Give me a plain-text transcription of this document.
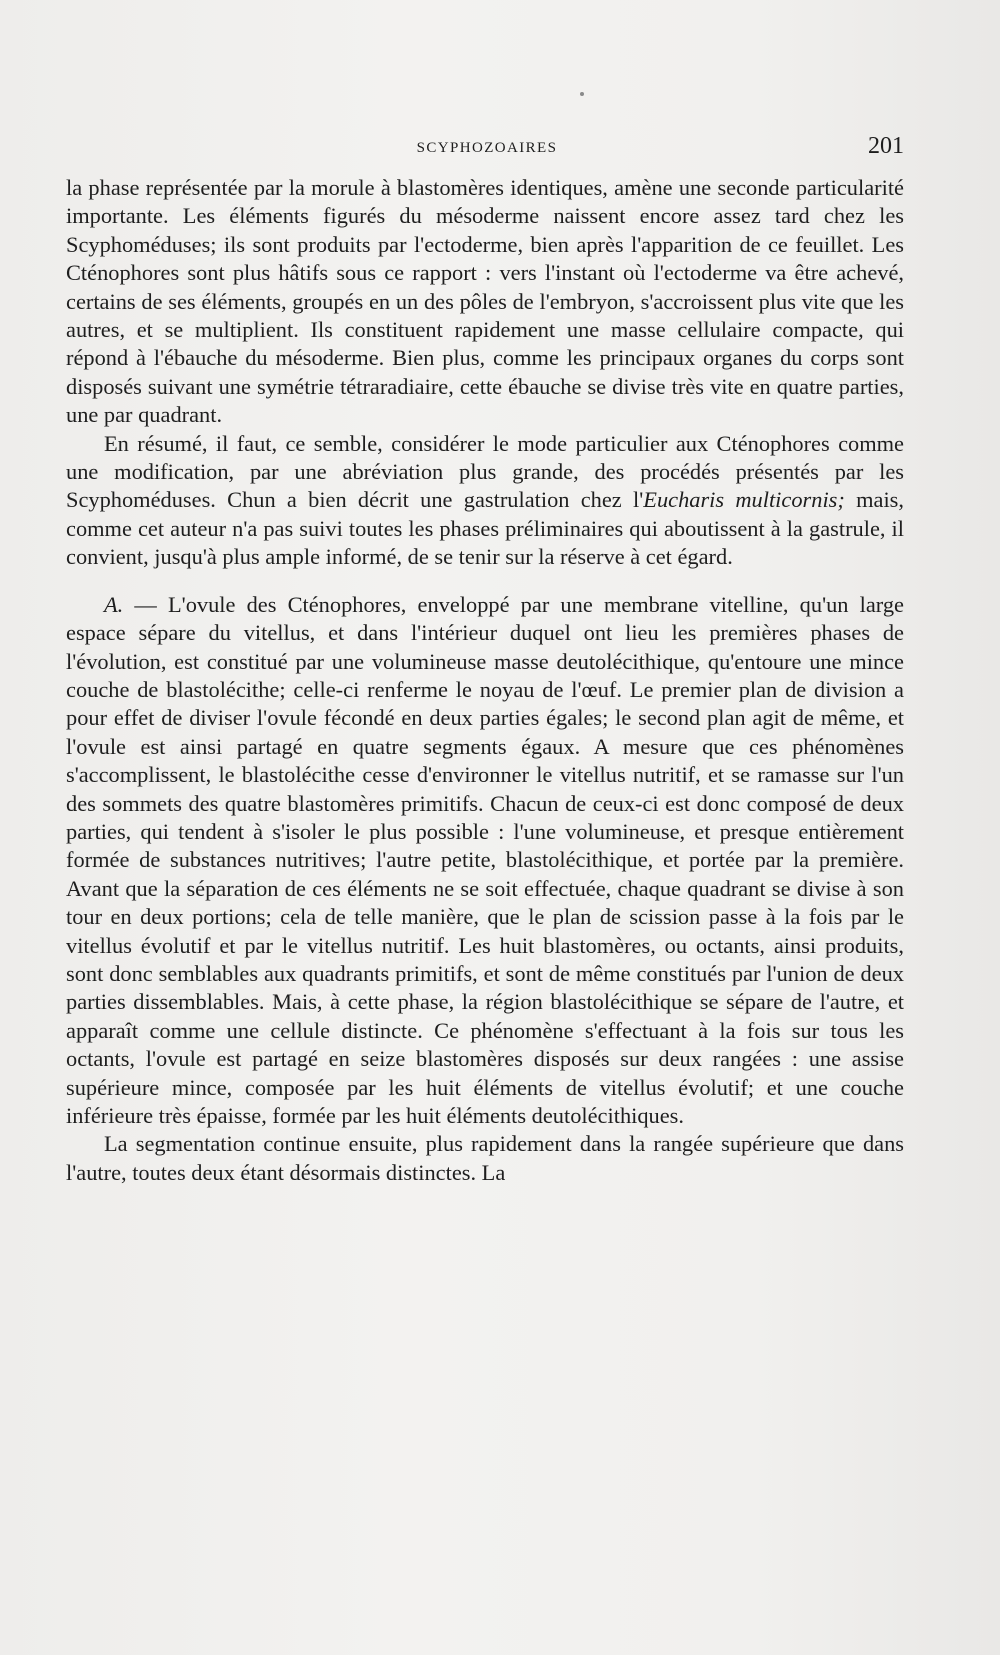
SCYPHOZOAIRES	201

la phase représentée par la morule à blastomères identiques, amène une seconde particularité importante. Les éléments figurés du mésoderme naissent encore assez tard chez les Scyphoméduses; ils sont produits par l'ectoderme, bien après l'apparition de ce feuillet. Les Cténophores sont plus hâtifs sous ce rapport : vers l'instant où l'ectoderme va être achevé, certains de ses éléments, groupés en un des pôles de l'embryon, s'accroissent plus vite que les autres, et se multiplient. Ils constituent rapidement une masse cellulaire compacte, qui répond à l'ébauche du mésoderme. Bien plus, comme les principaux organes du corps sont disposés suivant une symétrie tétraradiaire, cette ébauche se divise très vite en quatre parties, une par quadrant.

En résumé, il faut, ce semble, considérer le mode particulier aux Cténophores comme une modification, par une abréviation plus grande, des procédés présentés par les Scyphoméduses. Chun a bien décrit une gastrulation chez l'Eucharis multicornis; mais, comme cet auteur n'a pas suivi toutes les phases préliminaires qui aboutissent à la gastrule, il convient, jusqu'à plus ample informé, de se tenir sur la réserve à cet égard.

A. — L'ovule des Cténophores, enveloppé par une membrane vitelline, qu'un large espace sépare du vitellus, et dans l'intérieur duquel ont lieu les premières phases de l'évolution, est constitué par une volumineuse masse deutolécithique, qu'entoure une mince couche de blastolécithe; celle-ci renferme le noyau de l'œuf. Le premier plan de division a pour effet de diviser l'ovule fécondé en deux parties égales; le second plan agit de même, et l'ovule est ainsi partagé en quatre segments égaux. A mesure que ces phénomènes s'accomplissent, le blastolécithe cesse d'environner le vitellus nutritif, et se ramasse sur l'un des sommets des quatre blastomères primitifs. Chacun de ceux-ci est donc composé de deux parties, qui tendent à s'isoler le plus possible : l'une volumineuse, et presque entièrement formée de substances nutritives; l'autre petite, blastolécithique, et portée par la première. Avant que la séparation de ces éléments ne se soit effectuée, chaque quadrant se divise à son tour en deux portions; cela de telle manière, que le plan de scission passe à la fois par le vitellus évolutif et par le vitellus nutritif. Les huit blastomères, ou octants, ainsi produits, sont donc semblables aux quadrants primitifs, et sont de même constitués par l'union de deux parties dissemblables. Mais, à cette phase, la région blastolécithique se sépare de l'autre, et apparaît comme une cellule distincte. Ce phénomène s'effectuant à la fois sur tous les octants, l'ovule est partagé en seize blastomères disposés sur deux rangées : une assise supérieure mince, composée par les huit éléments de vitellus évolutif; et une couche inférieure très épaisse, formée par les huit éléments deutolécithiques.

La segmentation continue ensuite, plus rapidement dans la rangée supérieure que dans l'autre, toutes deux étant désormais distinctes. La
